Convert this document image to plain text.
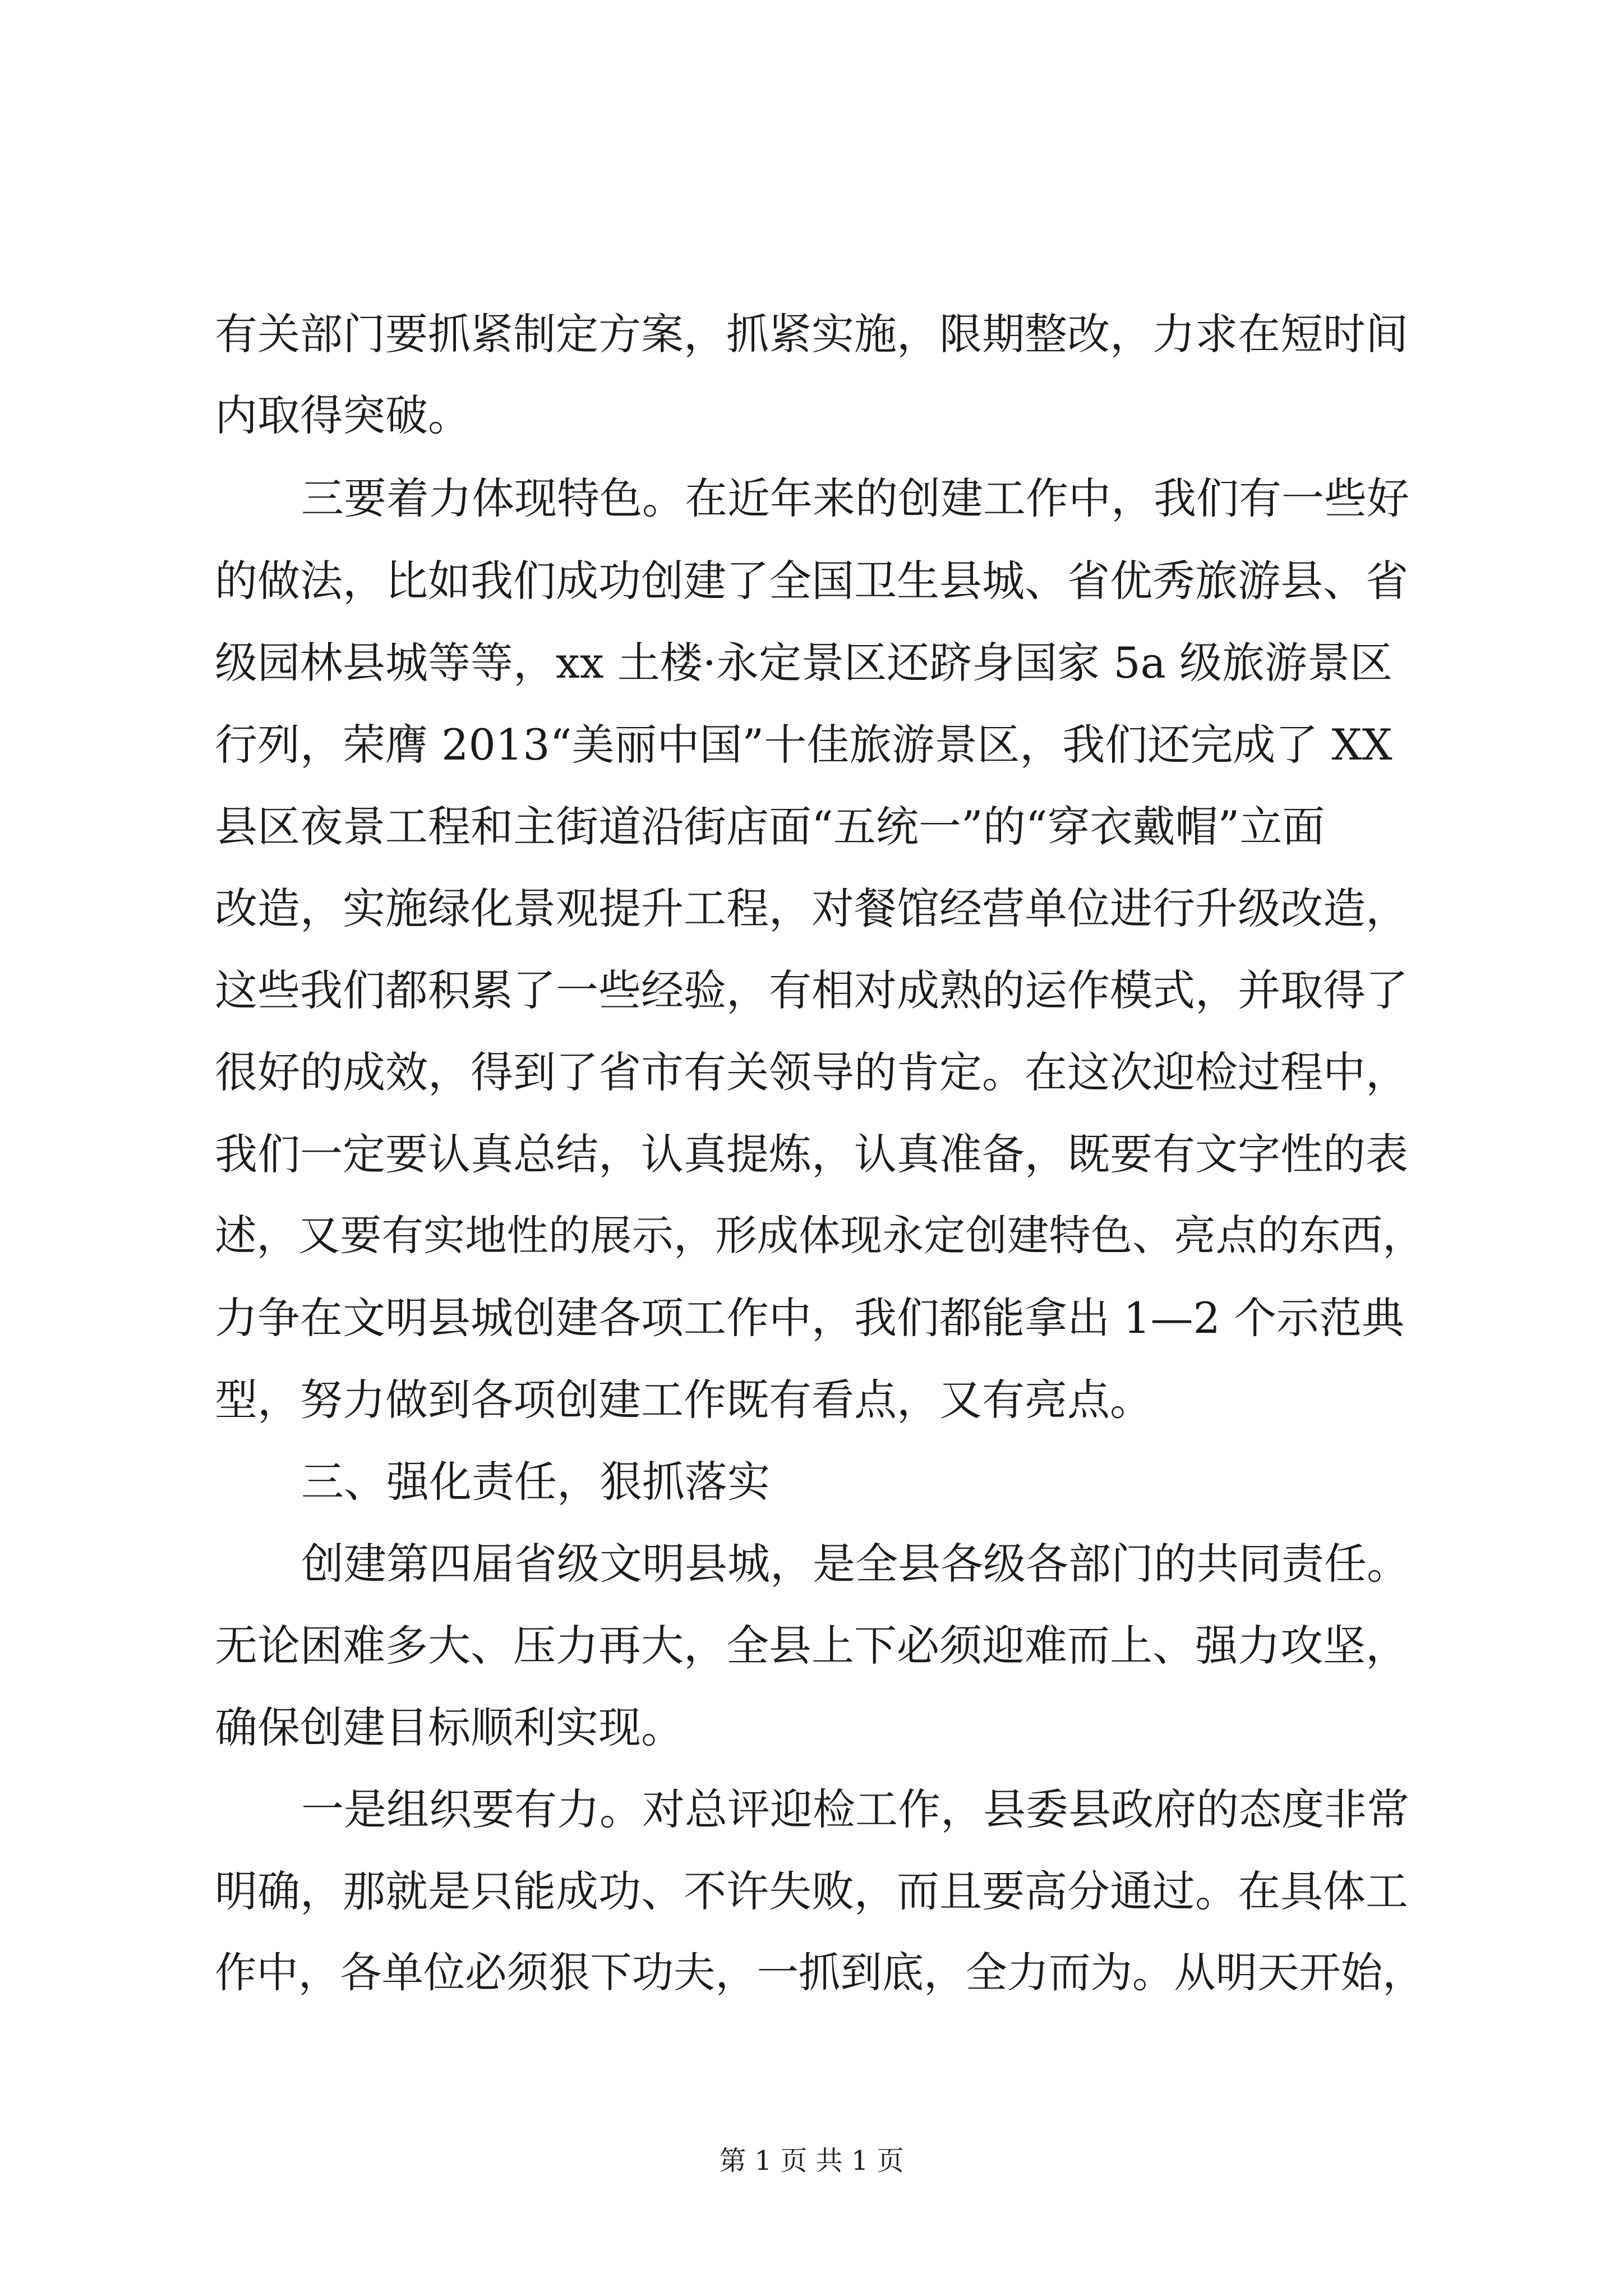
有关部门要抓紧制定方案，抓紧实施，限期整改，力求在短时间
内取得突破。
三要着力体现特色。在近年来的创建工作中，我们有一些好
的做法，比如我们成功创建了全国卫生县城、省优秀旅游县、省
级园林县城等等，xx 土楼·永定景区还跻身国家 5a 级旅游景区
行列，荣膺 2013“美丽中国”十佳旅游景区，我们还完成了 XX
县区夜景工程和主街道沿街店面“五统一”的“穿衣戴帽”立面
改造，实施绿化景观提升工程，对餐馆经营单位进行升级改造，
这些我们都积累了一些经验，有相对成熟的运作模式，并取得了
很好的成效，得到了省市有关领导的肯定。在这次迎检过程中，
我们一定要认真总结，认真提炼，认真准备，既要有文字性的表
述，又要有实地性的展示，形成体现永定创建特色、亮点的东西，
力争在文明县城创建各项工作中，我们都能拿出 1—2 个示范典
型，努力做到各项创建工作既有看点，又有亮点。
三、强化责任，狠抓落实
创建第四届省级文明县城，是全县各级各部门的共同责任。
无论困难多大、压力再大，全县上下必须迎难而上、强力攻坚，
确保创建目标顺利实现。
一是组织要有力。对总评迎检工作，县委县政府的态度非常
明确，那就是只能成功、不许失败，而且要高分通过。在具体工
作中，各单位必须狠下功夫，一抓到底，全力而为。从明天开始，
第 1 页 共 1 页
